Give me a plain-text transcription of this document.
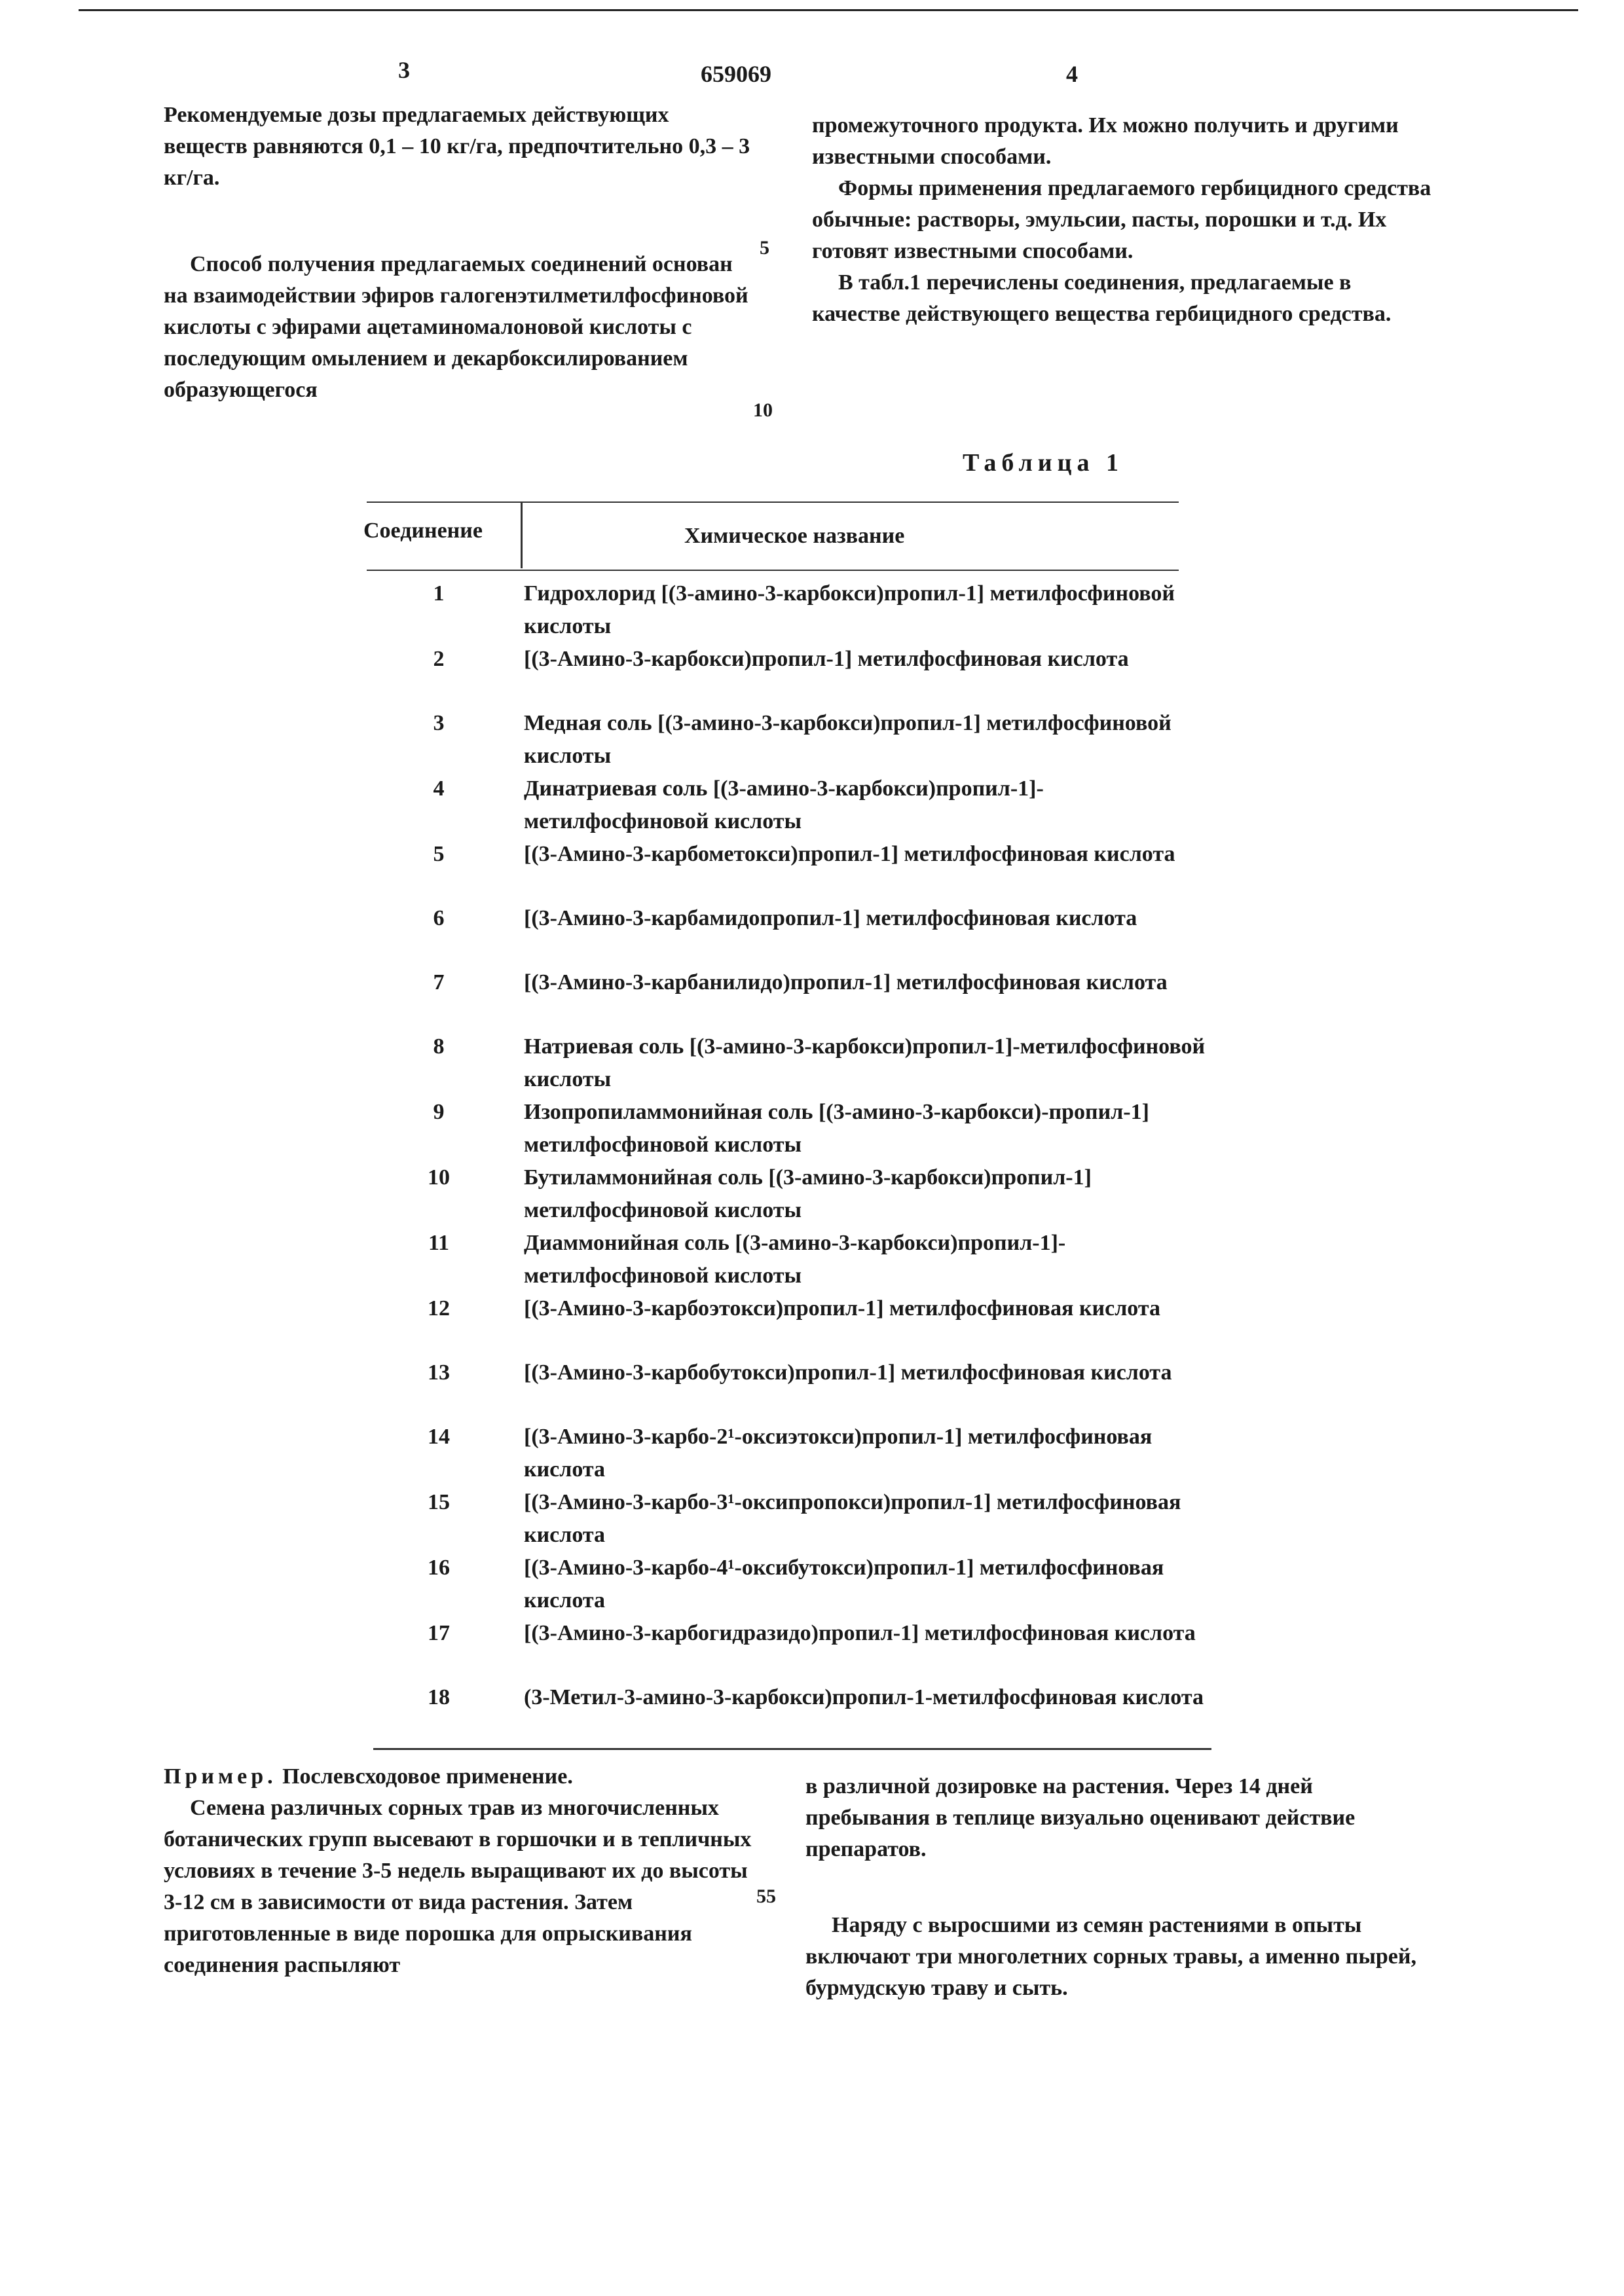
3	659069	4

Рекомендуемые дозы предлагаемых действующих веществ равняются 0,1 – 10 кг/га, предпочтительно 0,3 – 3 кг/га.

Способ получения предлагаемых соединений основан на взаимодействии эфиров галогенэтилметилфосфиновой кислоты с эфирами ацетаминомалоновой кислоты с последующим омылением и декарбоксилированием образующегося

5
10

промежуточного продукта. Их можно получить и другими известными способами.

Формы применения предлагаемого гербицидного средства обычные: растворы, эмульсии, пасты, порошки и т.д. Их готовят известными способами.

В табл.1 перечислены соединения, предлагаемые в качестве действующего вещества гербицидного средства.

Таблица 1
Соединение	Химическое название
1	Гидрохлорид [(3-амино-3-карбокси)пропил-1] метилфосфиновой кислоты
2	[(3-Амино-3-карбокси)пропил-1] метилфосфиновая кислота
3	Медная соль [(3-амино-3-карбокси)пропил-1] метилфосфиновой кислоты
4	Динатриевая соль [(3-амино-3-карбокси)пропил-1]-метилфосфиновой кислоты
5	[(3-Амино-3-карбометокси)пропил-1] метилфосфиновая кислота
6	[(3-Амино-3-карбамидопропил-1] метилфосфиновая кислота
7	[(3-Амино-3-карбанилидо)пропил-1] метилфосфиновая кислота
8	Натриевая соль [(3-амино-3-карбокси)пропил-1]-метилфосфиновой кислоты
9	Изопропиламмонийная соль [(3-амино-3-карбокси)-пропил-1] метилфосфиновой кислоты
10	Бутиламмонийная соль [(3-амино-3-карбокси)пропил-1] метилфосфиновой кислоты
11	Диаммонийная соль [(3-амино-3-карбокси)пропил-1]-метилфосфиновой кислоты
12	[(3-Амино-3-карбоэтокси)пропил-1] метилфосфиновая кислота
13	[(3-Амино-3-карбобутокси)пропил-1] метилфосфиновая кислота
14	[(3-Амино-3-карбо-2¹-оксиэтокси)пропил-1] метилфосфиновая кислота
15	[(3-Амино-3-карбо-3¹-оксипропокси)пропил-1] метилфосфиновая кислота
16	[(3-Амино-3-карбо-4¹-оксибутокси)пропил-1] метилфосфиновая кислота
17	[(3-Амино-3-карбогидразидо)пропил-1] метилфосфиновая кислота
18	(3-Метил-3-амино-3-карбокси)пропил-1-метилфосфиновая кислота

Пример. Послевсходовое применение.

Семена различных сорных трав из многочисленных ботанических групп высевают в горшочки и в тепличных условиях в течение 3-5 недель выращивают их до высоты 3-12 см в зависимости от вида растения. Затем приготовленные в виде порошка для опрыскивания соединения распыляют

55

в различной дозировке на растения. Через 14 дней пребывания в теплице визуально оценивают действие препаратов.

Наряду с выросшими из семян растениями в опыты включают три многолетних сорных травы, а именно пырей, бурмудскую траву и сыть.
